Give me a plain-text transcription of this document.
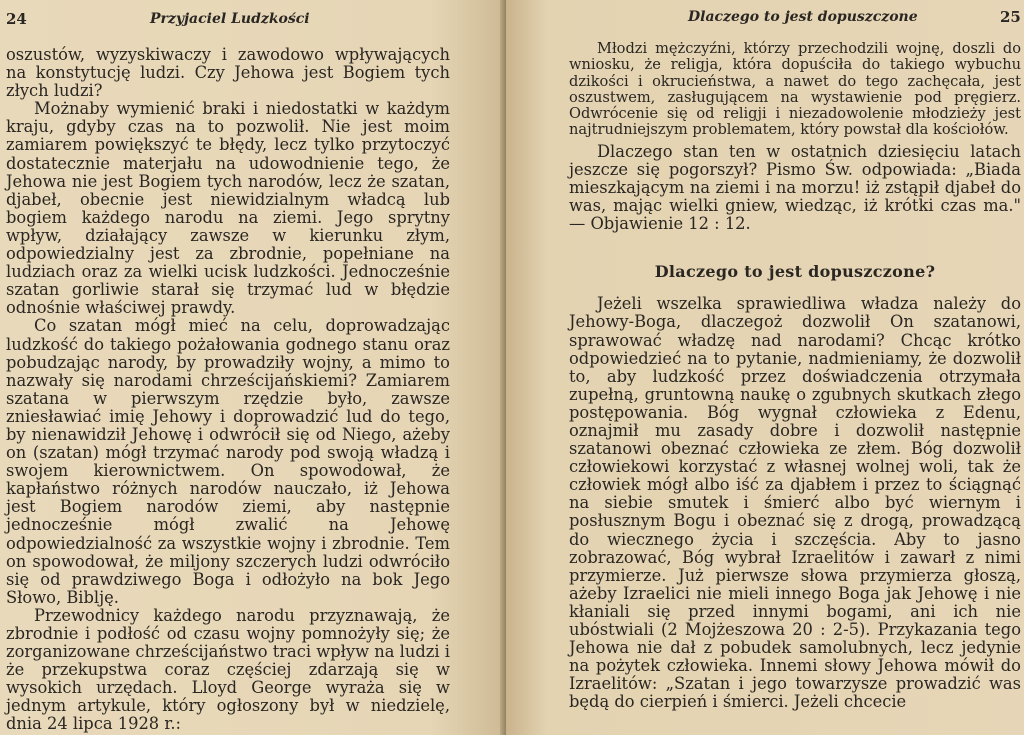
24	Przyjaciel Ludzkości

oszustów, wyzyskiwaczy i zawodowo wpływających na konstytucję ludzi. Czy Jehowa jest Bogiem tych złych ludzi?

Możnaby wymienić braki i niedostatki w każdym kraju, gdyby czas na to pozwolił. Nie jest moim zamiarem powiększyć te błędy, lecz tylko przytoczyć dostatecznie materjału na udowodnienie tego, że Jehowa nie jest Bogiem tych narodów, lecz że szatan, djabeł, obecnie jest niewidzialnym władcą lub bogiem każdego narodu na ziemi. Jego sprytny wpływ, działający zawsze w kierunku złym, odpowiedzialny jest za zbrodnie, popełniane na ludziach oraz za wielki ucisk ludzkości. Jednocześnie szatan gorliwie starał się trzymać lud w błędzie odnośnie właściwej prawdy.

Co szatan mógł mieć na celu, doprowadzając ludzkość do takiego pożałowania godnego stanu oraz pobudzając narody, by prowadziły wojny, a mimo to nazwały się narodami chrześcijańskiemi? Zamiarem szatana w pierwszym rzędzie było, zawsze zniesławiać imię Jehowy i doprowadzić lud do tego, by nienawidził Jehowę i odwrócił się od Niego, ażeby on (szatan) mógł trzymać narody pod swoją władzą i swojem kierownictwem. On spowodował, że kapłaństwo różnych narodów nauczało, iż Jehowa jest Bogiem narodów ziemi, aby następnie jednocześnie mógł zwalić na Jehowę odpowiedzialność za wszystkie wojny i zbrodnie. Tem on spowodował, że miljony szczerych ludzi odwróciło się od prawdziwego Boga i odłożyło na bok Jego Słowo, Biblję.

Przewodnicy każdego narodu przyznawają, że zbrodnie i podłość od czasu wojny pomnożyły się; że zorganizowane chrześcijaństwo traci wpływ na ludzi i że przekupstwa coraz częściej zdarzają się w wysokich urzędach. Lloyd George wyraża się w jednym artykule, który ogłoszony był w niedzielę, dnia 24 lipca 1928 r.:

Dlaczego to jest dopuszczone	25

Młodzi mężczyźni, którzy przechodzili wojnę, doszli do wniosku, że religja, która dopuściła do takiego wybuchu dzikości i okrucieństwa, a nawet do tego zachęcała, jest oszustwem, zasługującem na wystawienie pod pręgierz. Odwrócenie się od religji i niezadowolenie młodzieży jest najtrudniejszym problematem, który powstał dla kościołów.

Dlaczego stan ten w ostatnich dziesięciu latach jeszcze się pogorszył? Pismo Św. odpowiada: „Biada mieszkającym na ziemi i na morzu! iż zstąpił djabeł do was, mając wielki gniew, wiedząc, iż krótki czas ma." — Objawienie 12 : 12.

Dlaczego to jest dopuszczone?

Jeżeli wszelka sprawiedliwa władza należy do Jehowy-Boga, dlaczegoż dozwolił On szatanowi, sprawować władzę nad narodami? Chcąc krótko odpowiedzieć na to pytanie, nadmieniamy, że dozwolił to, aby ludzkość przez doświadczenia otrzymała zupełną, gruntowną naukę o zgubnych skutkach złego postępowania. Bóg wygnał człowieka z Edenu, oznajmił mu zasady dobre i dozwolił następnie szatanowi obeznać człowieka ze złem. Bóg dozwolił człowiekowi korzystać z własnej wolnej woli, tak że człowiek mógł albo iść za djabłem i przez to ściągnąć na siebie smutek i śmierć albo być wiernym i posłusznym Bogu i obeznać się z drogą, prowadzącą do wiecznego życia i szczęścia. Aby to jasno zobrazować, Bóg wybrał Izraelitów i zawarł z nimi przymierze. Już pierwsze słowa przymierza głoszą, ażeby Izraelici nie mieli innego Boga jak Jehowę i nie kłaniali się przed innymi bogami, ani ich nie ubóstwiali (2 Mojżeszowa 20 : 2-5). Przykazania tego Jehowa nie dał z pobudek samolubnych, lecz jedynie na pożytek człowieka. Innemi słowy Jehowa mówił do Izraelitów: „Szatan i jego towarzysze prowadzić was będą do cierpień i śmierci. Jeżeli chcecie
